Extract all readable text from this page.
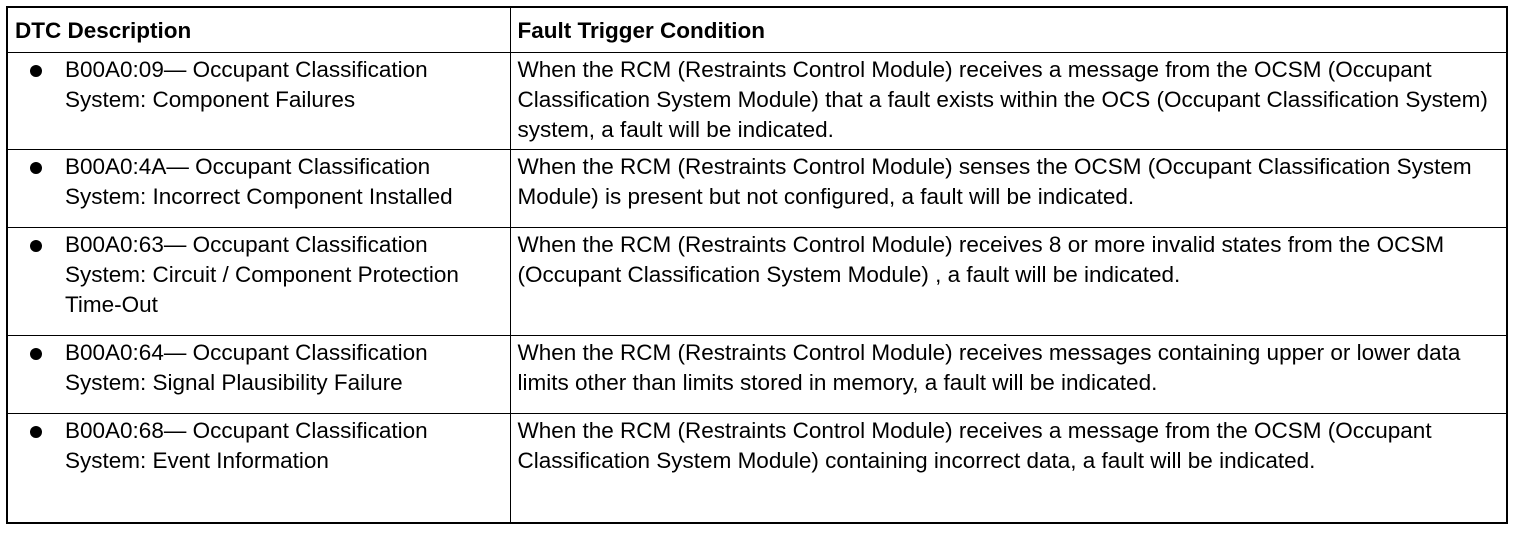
DTC Description	Fault Trigger Condition

B00A0:09— Occupant Classification System: Component Failures	When the RCM (Restraints Control Module) receives a message from the OCSM (Occupant Classification System Module) that a fault exists within the OCS (Occupant Classification System) system, a fault will be indicated.

B00A0:4A— Occupant Classification System: Incorrect Component Installed	When the RCM (Restraints Control Module) senses the OCSM (Occupant Classification System Module) is present but not configured, a fault will be indicated.

B00A0:63— Occupant Classification System: Circuit / Component Protection Time-Out	When the RCM (Restraints Control Module) receives 8 or more invalid states from the OCSM (Occupant Classification System Module) , a fault will be indicated.

B00A0:64— Occupant Classification System: Signal Plausibility Failure	When the RCM (Restraints Control Module) receives messages containing upper or lower data limits other than limits stored in memory, a fault will be indicated.

B00A0:68— Occupant Classification System: Event Information	When the RCM (Restraints Control Module) receives a message from the OCSM (Occupant Classification System Module) containing incorrect data, a fault will be indicated.
